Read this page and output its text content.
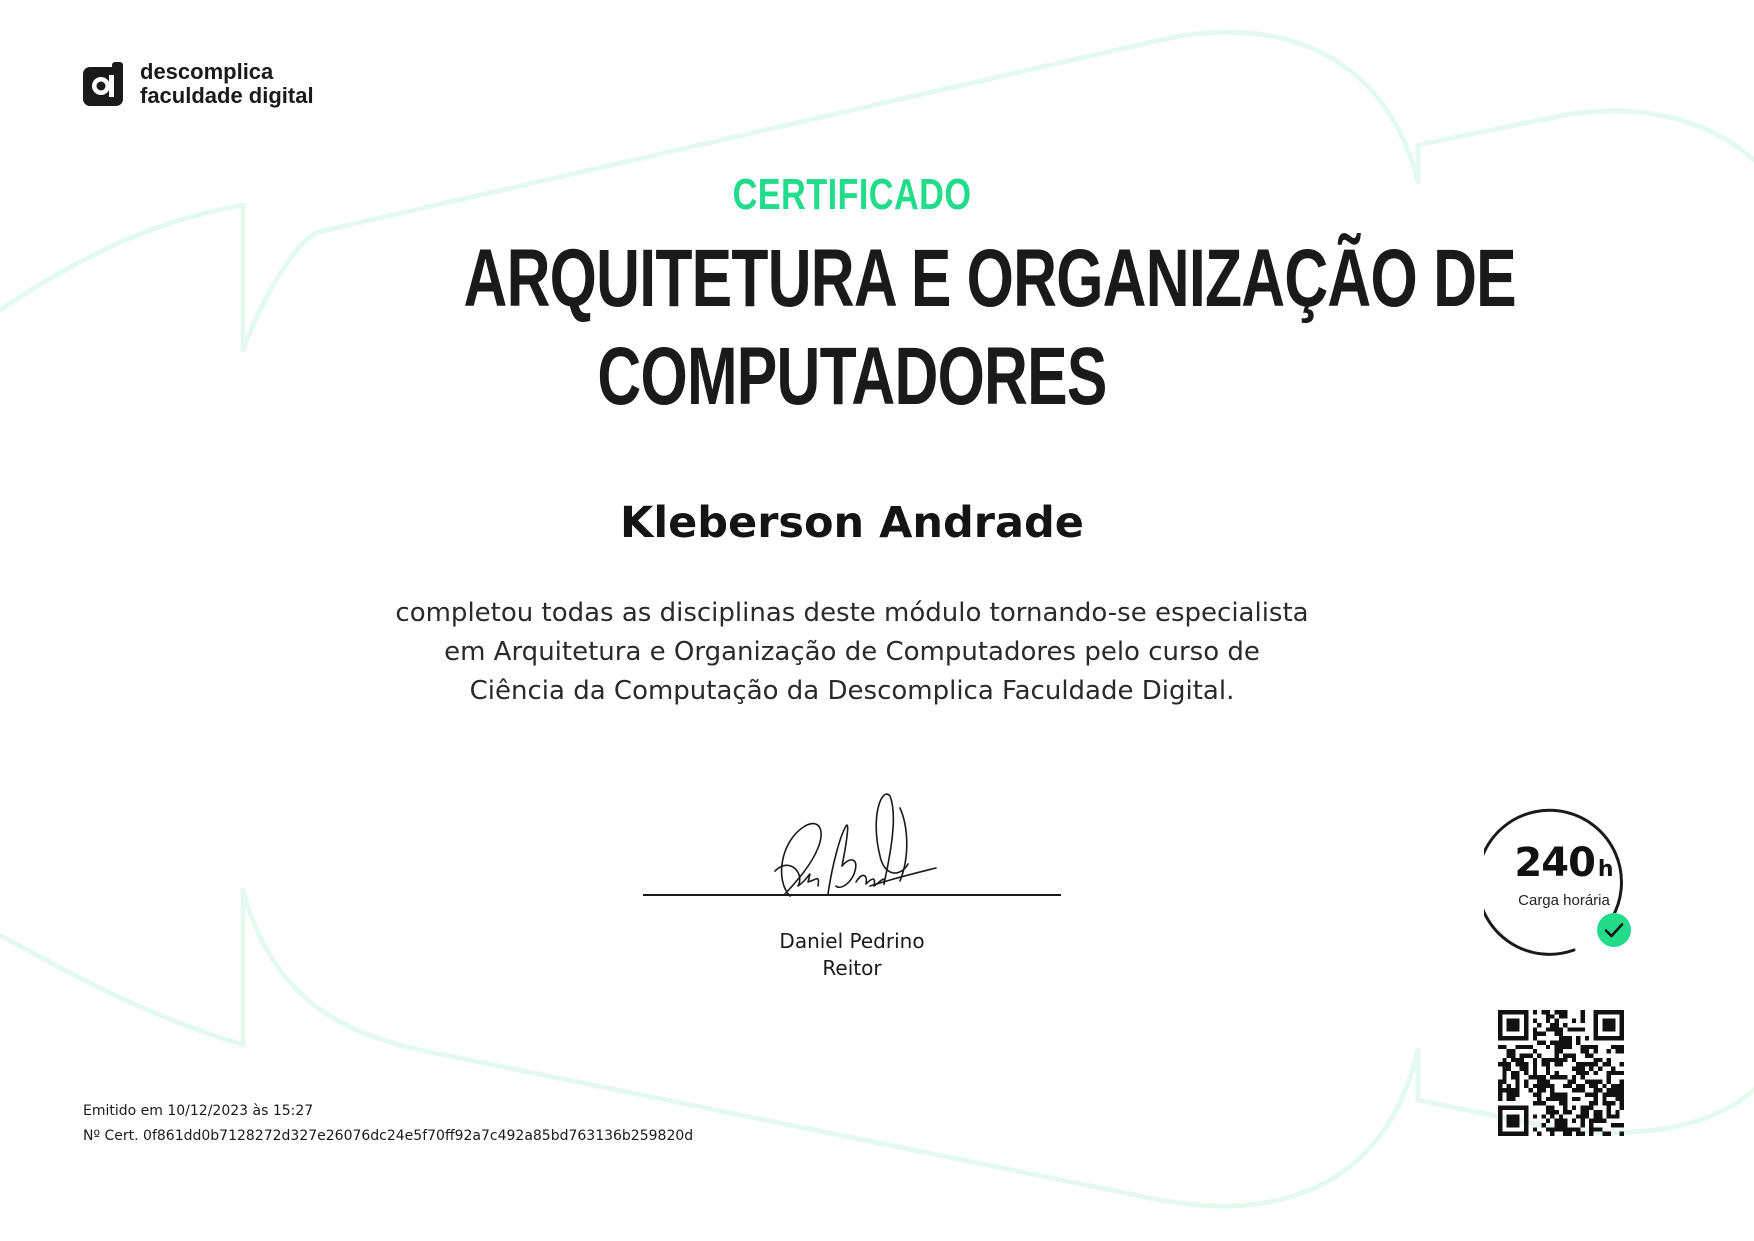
descomplica
faculdade digital
CERTIFICADO
ARQUITETURA E ORGANIZAÇÃO DE
COMPUTADORES
Kleberson Andrade
completou todas as disciplinas deste módulo tornando-se especialista
em Arquitetura e Organização de Computadores pelo curso de
Ciência da Computação da Descomplica Faculdade Digital.
Daniel Pedrino
Reitor
240 h
Carga horária
Emitido em 10/12/2023 às 15:27
Nº Cert. 0f861dd0b7128272d327e26076dc24e5f70ff92a7c492a85bd763136b259820d
